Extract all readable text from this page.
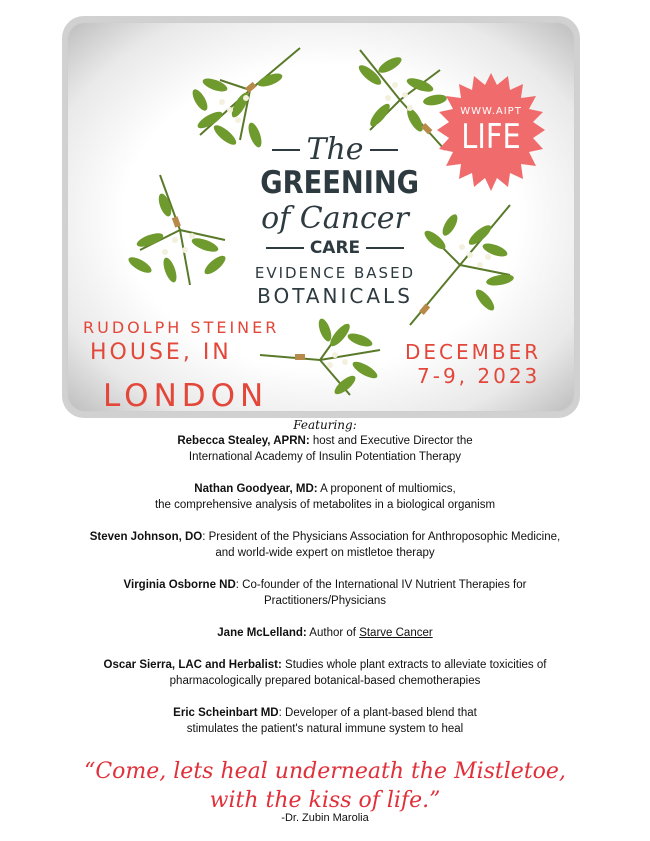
The
GREENING
of Cancer
CARE
EVIDENCE BASED
BOTANICALS
WWW.AIPT
LIFE
RUDOLPH STEINER
HOUSE, IN
LONDON
DECEMBER
7-9, 2023
Featuring:
Rebecca Stealey, APRN: host and Executive Director the
International Academy of Insulin Potentiation Therapy
Nathan Goodyear, MD: A proponent of multiomics,
the comprehensive analysis of metabolites in a biological organism
Steven Johnson, DO: President of the Physicians Association for Anthroposophic Medicine,
and world-wide expert on mistletoe therapy
Virginia Osborne ND: Co-founder of the International IV Nutrient Therapies for
Practitioners/Physicians
Jane McLelland: Author of Starve Cancer
Oscar Sierra, LAC and Herbalist: Studies whole plant extracts to alleviate toxicities of
pharmacologically prepared botanical-based chemotherapies
Eric Scheinbart MD: Developer of a plant-based blend that
stimulates the patient's natural immune system to heal
“Come, lets heal underneath the Mistletoe,
with the kiss of life.”
-Dr. Zubin Marolia
